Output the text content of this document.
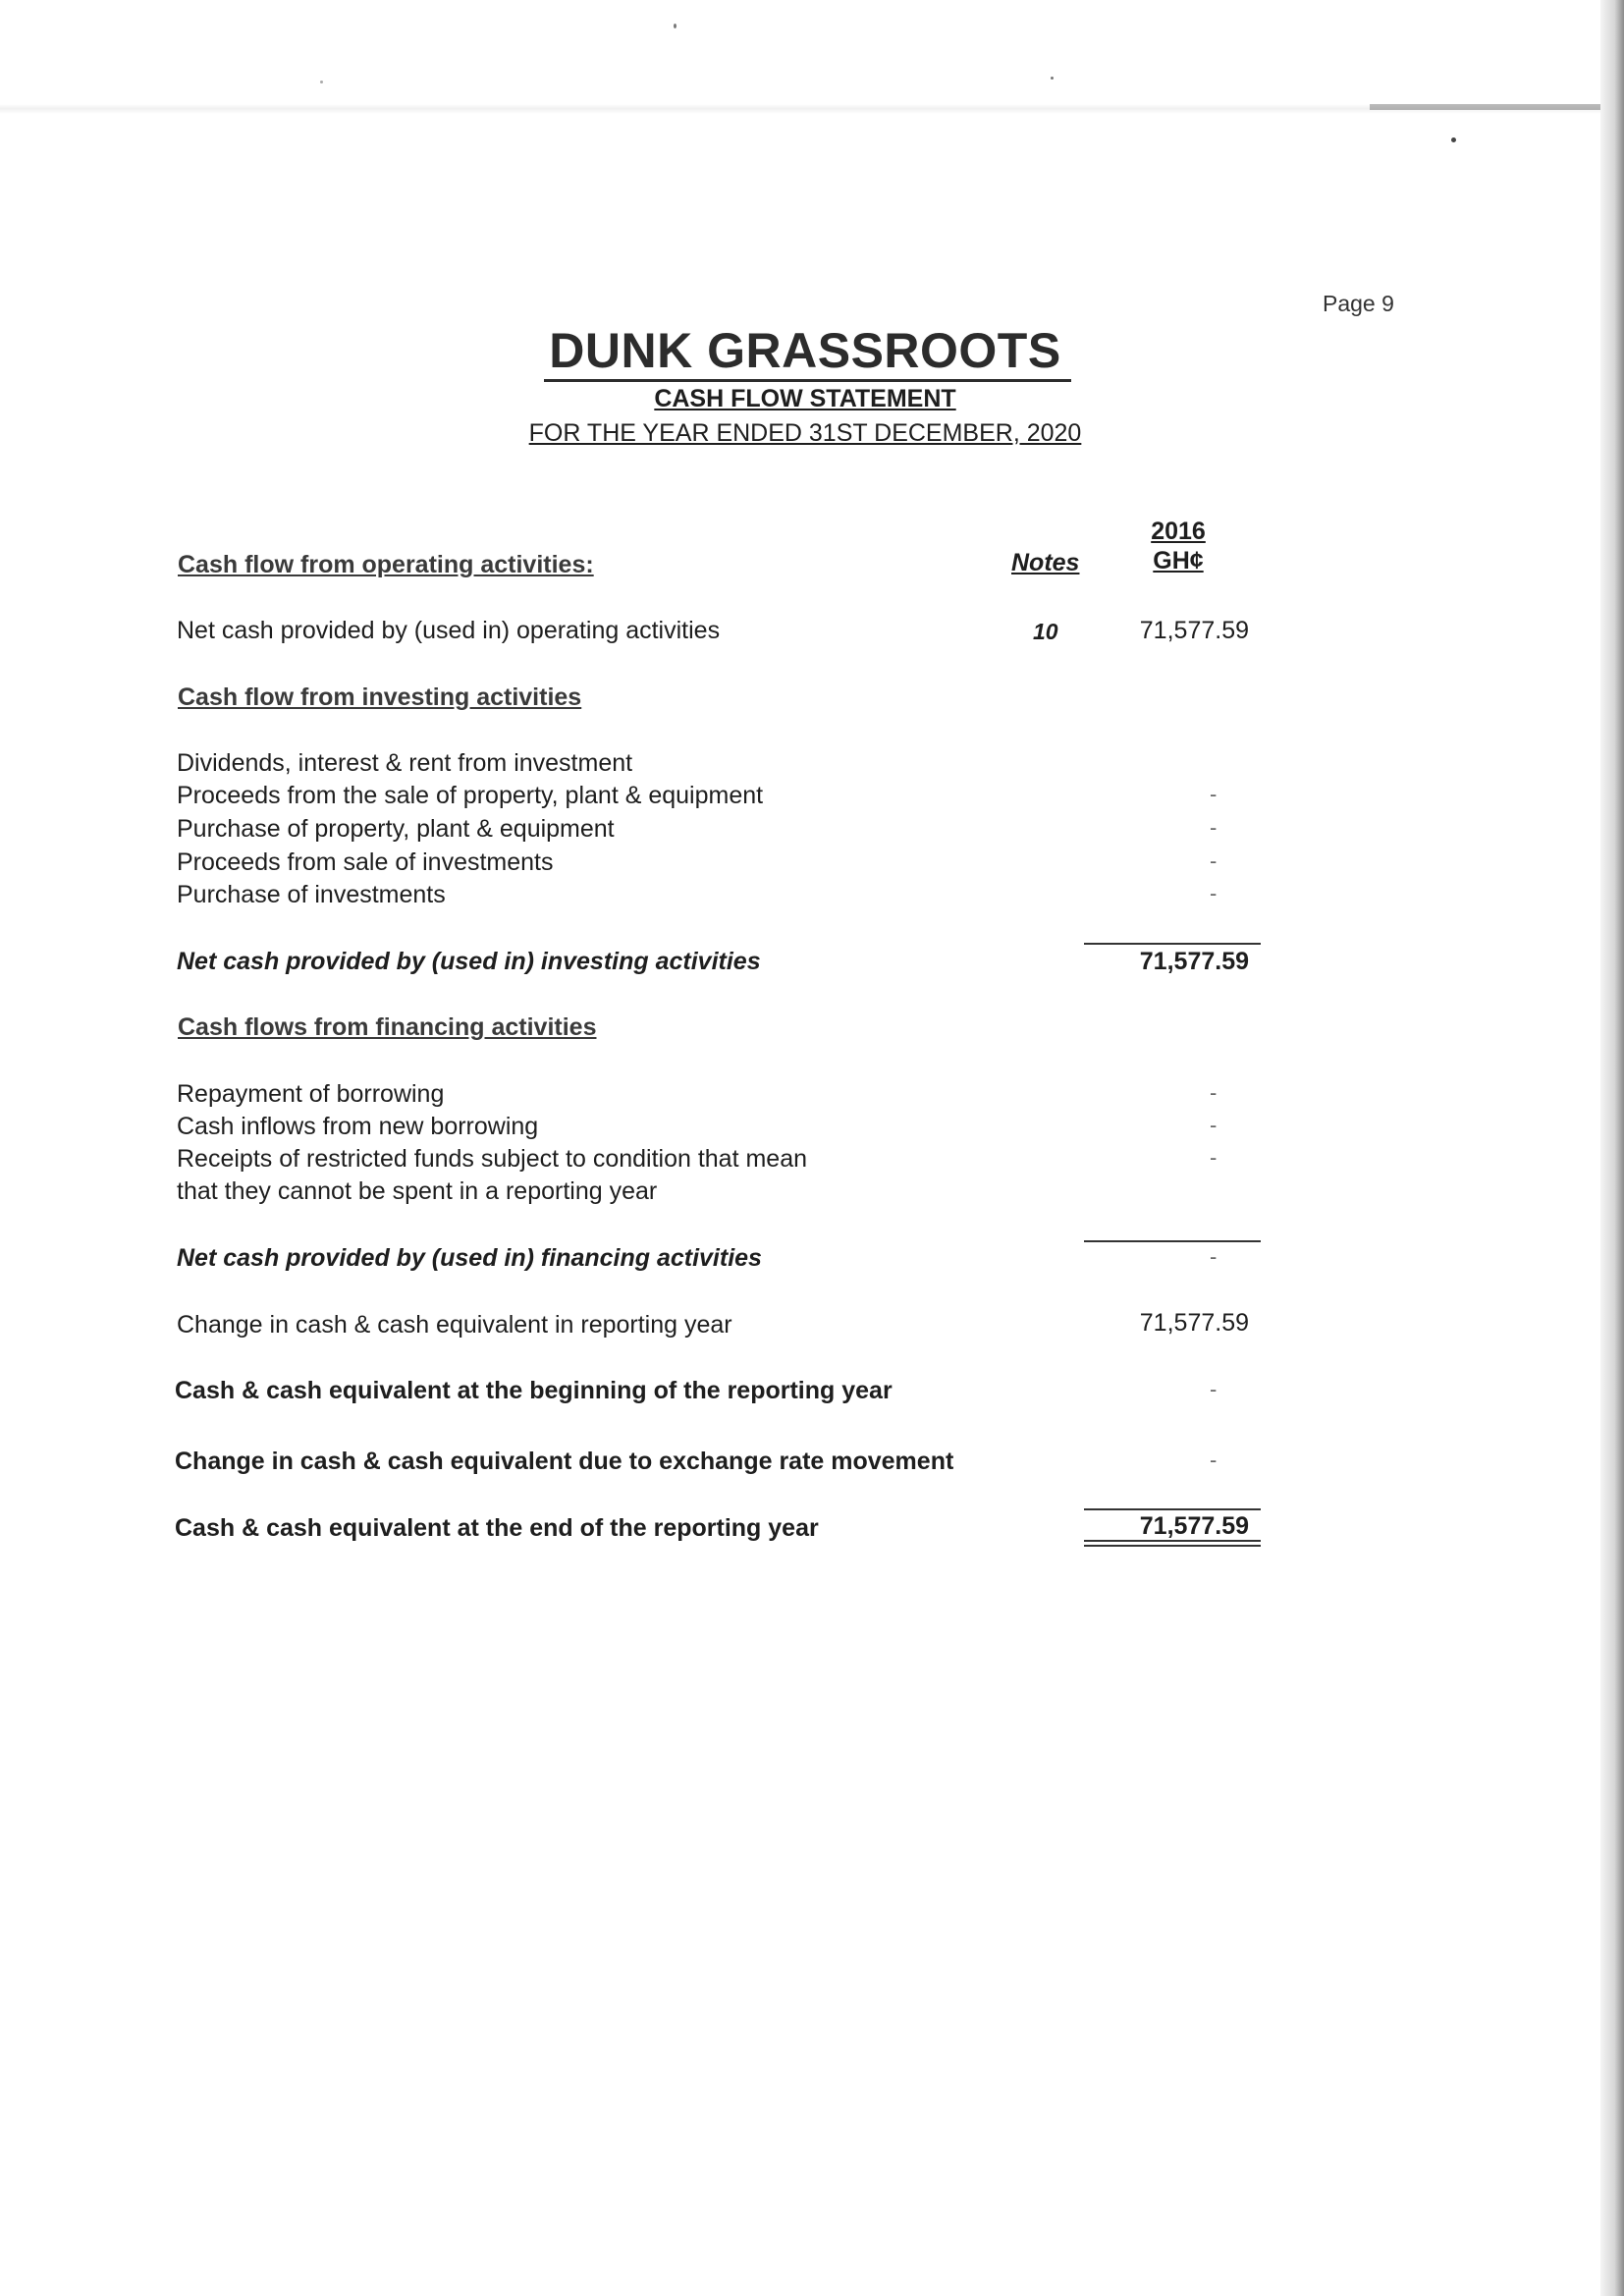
Page 9
DUNK GRASSROOTS
CASH FLOW STATEMENT
FOR THE YEAR ENDED 31ST DECEMBER, 2020
2016
GH¢
Notes
Cash flow from operating activities:
Net cash provided by (used in) operating activities	10	71,577.59
Cash flow from investing activities
Dividends, interest & rent from investment
Proceeds from the sale of property, plant & equipment	-
Purchase of property, plant & equipment	-
Proceeds from sale of investments	-
Purchase of investments	-
Net cash provided by (used in) investing activities	71,577.59
Cash flows from financing activities
Repayment of borrowing	-
Cash inflows from new borrowing	-
Receipts of restricted funds subject to condition that mean	-
that they cannot be spent in a reporting year
Net cash provided by (used in) financing activities	-
Change in cash & cash equivalent in reporting year	71,577.59
Cash & cash equivalent at the beginning of the reporting year	-
Change in cash & cash equivalent due to exchange rate movement	-
Cash & cash equivalent at the end of the reporting year	71,577.59
